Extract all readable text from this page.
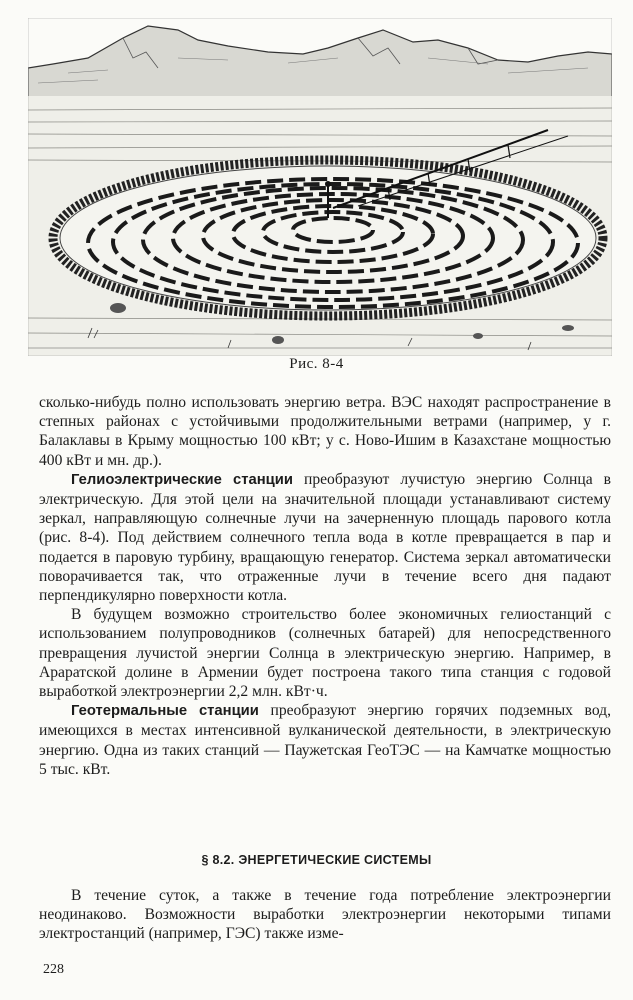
Рис. 8-4

сколько-нибудь полно использовать энергию ветра. ВЭС находят распространение в степных районах с устойчивыми продолжительными ветрами (например, у г. Балаклавы в Крыму мощностью 100 кВт; у с. Ново-Ишим в Казахстане мощностью 400 кВт и мн. др.).

Гелиоэлектрические станции преобразуют лучистую энергию Солнца в электрическую. Для этой цели на значительной площади устанавливают систему зеркал, направляющую солнечные лучи на зачерненную площадь парового котла (рис. 8-4). Под действием солнечного тепла вода в котле превращается в пар и подается в паровую турбину, вращающую генератор. Система зеркал автоматически поворачивается так, что отраженные лучи в течение всего дня падают перпендикулярно поверхности котла.

В будущем возможно строительство более экономичных гелиостанций с использованием полупроводников (солнечных батарей) для непосредственного превращения лучистой энергии Солнца в электрическую энергию. Например, в Араратской долине в Армении будет построена такого типа станция с годовой выработкой электроэнергии 2,2 млн. кВт·ч.

Геотермальные станции преобразуют энергию горячих подземных вод, имеющихся в местах интенсивной вулканической деятельности, в электрическую энергию. Одна из таких станций — Паужетская ГеоТЭС — на Камчатке мощностью 5 тыс. кВт.

§ 8.2. ЭНЕРГЕТИЧЕСКИЕ СИСТЕМЫ

В течение суток, а также в течение года потребление электроэнергии неодинаково. Возможности выработки электроэнергии некоторыми типами электростанций (например, ГЭС) также изме-

228
